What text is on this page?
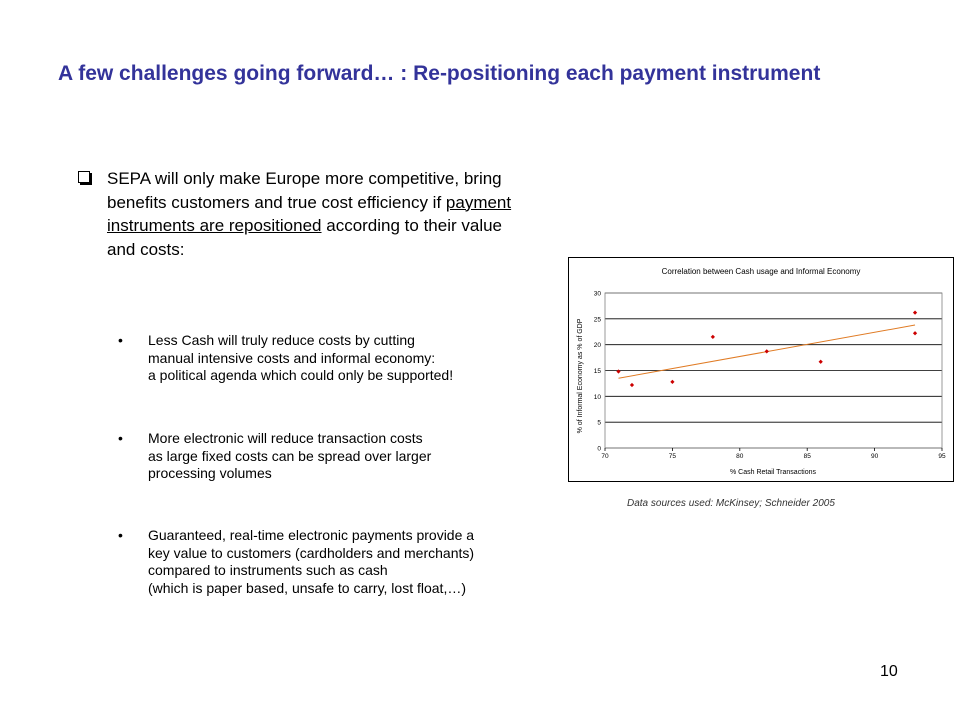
A few challenges going forward… : Re-positioning each payment instrument
SEPA will only make Europe more competitive, bring benefits customers and true cost efficiency if payment instruments are repositioned according to their value and costs:
• Less Cash will truly reduce costs by cutting
manual intensive costs and informal economy:
a political agenda which could only be supported!
• More electronic will reduce transaction costs
as large fixed costs can be spread over larger
processing volumes
• Guaranteed, real-time electronic payments provide a
key value to customers (cardholders and merchants)
compared to instruments such as cash
(which is paper based, unsafe to carry, lost float,…)
Correlation between Cash usage and Informal Economy
% Cash Retail Transactions
% of Informal Economy as % of GDP
0
5
10
15
20
25
30
70	75	80	85	90	95
Data sources used: McKinsey; Schneider 2005
10
